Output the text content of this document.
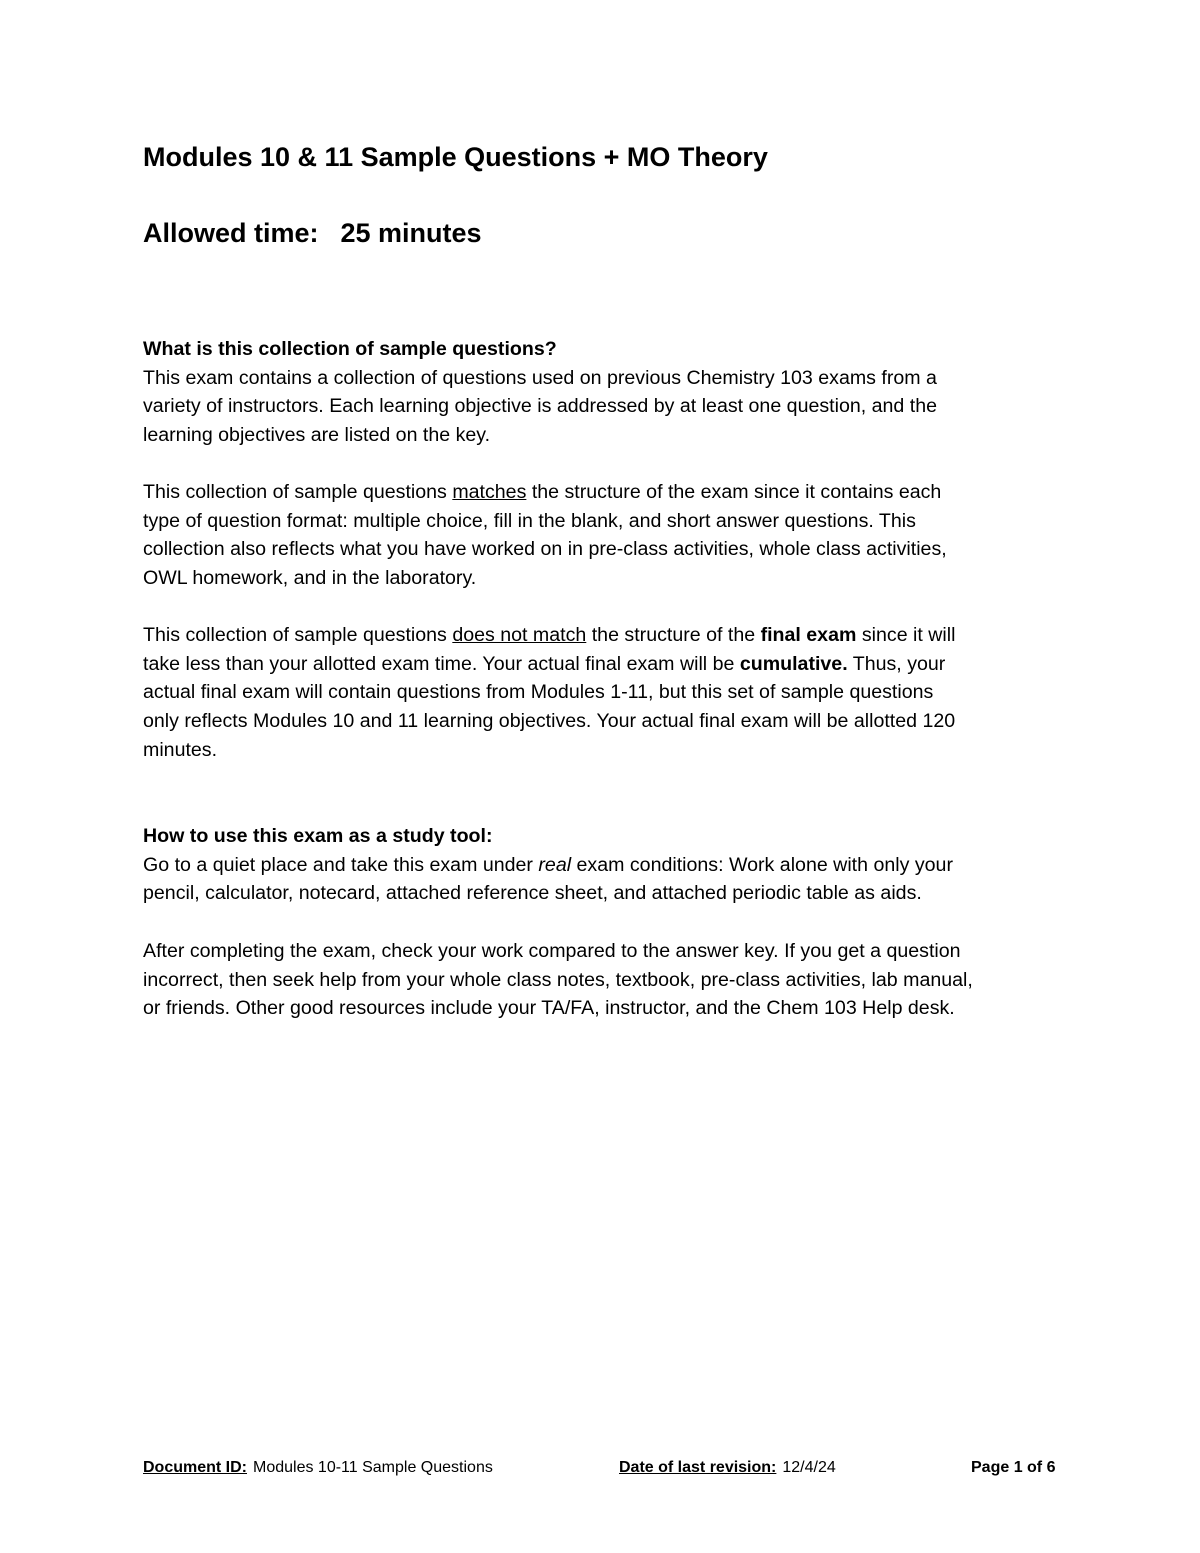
Modules 10 & 11 Sample Questions + MO Theory
Allowed time: 25 minutes
What is this collection of sample questions?
This exam contains a collection of questions used on previous Chemistry 103 exams from a
variety of instructors. Each learning objective is addressed by at least one question, and the
learning objectives are listed on the key.
This collection of sample questions matches the structure of the exam since it contains each
type of question format: multiple choice, fill in the blank, and short answer questions. This
collection also reflects what you have worked on in pre-class activities, whole class activities,
OWL homework, and in the laboratory.
This collection of sample questions does not match the structure of the final exam since it will
take less than your allotted exam time. Your actual final exam will be cumulative. Thus, your
actual final exam will contain questions from Modules 1-11, but this set of sample questions
only reflects Modules 10 and 11 learning objectives. Your actual final exam will be allotted 120
minutes.
How to use this exam as a study tool:
Go to a quiet place and take this exam under real exam conditions: Work alone with only your
pencil, calculator, notecard, attached reference sheet, and attached periodic table as aids.
After completing the exam, check your work compared to the answer key. If you get a question
incorrect, then seek help from your whole class notes, textbook, pre-class activities, lab manual,
or friends. Other good resources include your TA/FA, instructor, and the Chem 103 Help desk.
Document ID: Modules 10-11 Sample Questions	Date of last revision: 12/4/24	Page 1 of 6
